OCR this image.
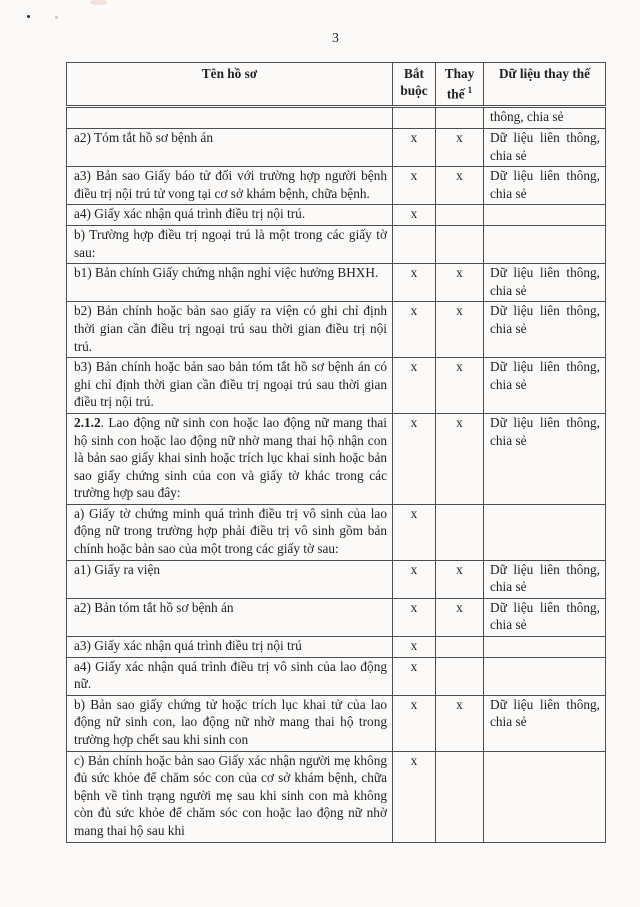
3
Tên hồ sơ	Bắt buộc	Thay thế $^1$	Dữ liệu thay thế
			thông, chia sẻ
a2) Tóm tắt hồ sơ bệnh án	x	x	Dữ liệu liên thông, chia sẻ
a3) Bản sao Giấy báo tử đối với trường hợp người bệnh điều trị nội trú tử vong tại cơ sở khám bệnh, chữa bệnh.	x	x	Dữ liệu liên thông, chia sẻ
a4) Giấy xác nhận quá trình điều trị nội trú.	x		
b) Trường hợp điều trị ngoại trú là một trong các giấy tờ sau:			
b1) Bản chính Giấy chứng nhận nghỉ việc hưởng BHXH.	x	x	Dữ liệu liên thông, chia sẻ
b2) Bản chính hoặc bản sao giấy ra viện có ghi chỉ định thời gian cần điều trị ngoại trú sau thời gian điều trị nội trú.	x	x	Dữ liệu liên thông, chia sẻ
b3) Bản chính hoặc bản sao bản tóm tắt hồ sơ bệnh án có ghi chỉ định thời gian cần điều trị ngoại trú sau thời gian điều trị nội trú.	x	x	Dữ liệu liên thông, chia sẻ
2.1.2. Lao động nữ sinh con hoặc lao động nữ mang thai hộ sinh con hoặc lao động nữ nhờ mang thai hộ nhận con là bản sao giấy khai sinh hoặc trích lục khai sinh hoặc bản sao giấy chứng sinh của con và giấy tờ khác trong các trường hợp sau đây:	x	x	Dữ liệu liên thông, chia sẻ
a) Giấy tờ chứng minh quá trình điều trị vô sinh của lao động nữ trong trường hợp phải điều trị vô sinh gồm bản chính hoặc bản sao của một trong các giấy tờ sau:	x		
a1) Giấy ra viện	x	x	Dữ liệu liên thông, chia sẻ
a2) Bản tóm tắt hồ sơ bệnh án	x	x	Dữ liệu liên thông, chia sẻ
a3) Giấy xác nhận quá trình điều trị nội trú	x		
a4) Giấy xác nhận quá trình điều trị vô sinh của lao động nữ.	x		
b) Bản sao giấy chứng tử hoặc trích lục khai tử của lao động nữ sinh con, lao động nữ nhờ mang thai hộ trong trường hợp chết sau khi sinh con	x	x	Dữ liệu liên thông, chia sẻ
c) Bản chính hoặc bản sao Giấy xác nhận người mẹ không đủ sức khỏe để chăm sóc con của cơ sở khám bệnh, chữa bệnh về tình trạng người mẹ sau khi sinh con mà không còn đủ sức khỏe để chăm sóc con hoặc lao động nữ nhờ mang thai hộ sau khi	x		
